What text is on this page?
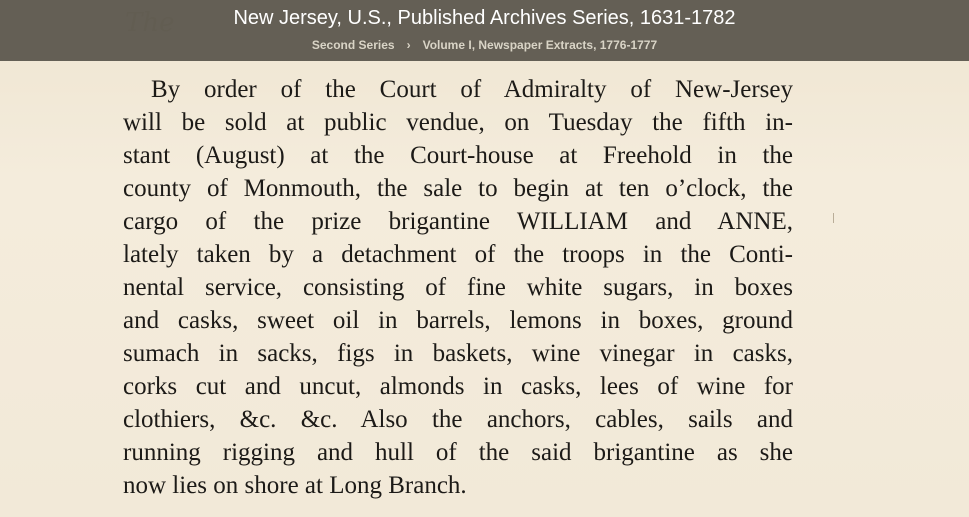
By order of the Court of Admiralty of New-Jersey
will be sold at public vendue, on Tuesday the fifth in-
stant (August) at the Court-house at Freehold in the
county of Monmouth, the sale to begin at ten o’clock, the
cargo of the prize brigantine WILLIAM and ANNE,
lately taken by a detachment of the troops in the Conti-
nental service, consisting of fine white sugars, in boxes
and casks, sweet oil in barrels, lemons in boxes, ground
sumach in sacks, figs in baskets, wine vinegar in casks,
corks cut and uncut, almonds in casks, lees of wine for
clothiers, &c. &c. Also the anchors, cables, sails and
running rigging and hull of the said brigantine as she
now lies on shore at Long Branch.
New Jersey, U.S., Published Archives Series, 1631-1782
Second Series › Volume I, Newspaper Extracts, 1776-1777
